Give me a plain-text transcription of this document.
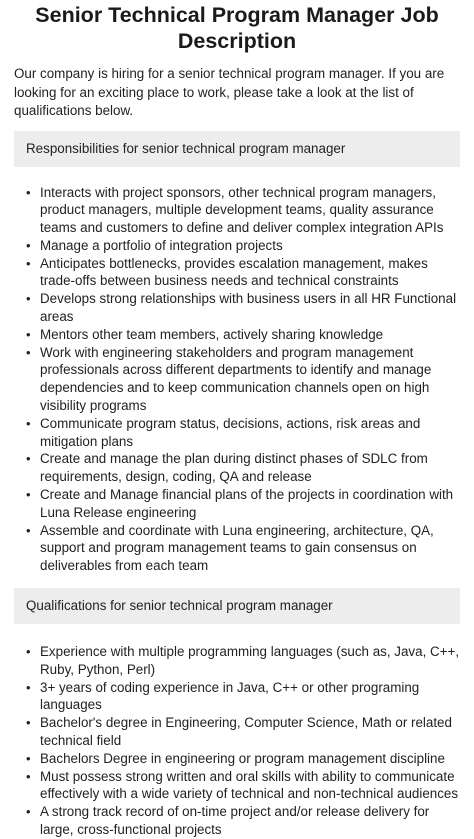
Senior Technical Program Manager Job Description

Our company is hiring for a senior technical program manager. If you are looking for an exciting place to work, please take a look at the list of qualifications below.

Responsibilities for senior technical program manager
• Interacts with project sponsors, other technical program managers, product managers, multiple development teams, quality assurance teams and customers to define and deliver complex integration APIs
• Manage a portfolio of integration projects
• Anticipates bottlenecks, provides escalation management, makes trade-offs between business needs and technical constraints
• Develops strong relationships with business users in all HR Functional areas
• Mentors other team members, actively sharing knowledge
• Work with engineering stakeholders and program management professionals across different departments to identify and manage dependencies and to keep communication channels open on high visibility programs
• Communicate program status, decisions, actions, risk areas and mitigation plans
• Create and manage the plan during distinct phases of SDLC from requirements, design, coding, QA and release
• Create and Manage financial plans of the projects in coordination with Luna Release engineering
• Assemble and coordinate with Luna engineering, architecture, QA, support and program management teams to gain consensus on deliverables from each team
Qualifications for senior technical program manager
• Experience with multiple programming languages (such as, Java, C++, Ruby, Python, Perl)
• 3+ years of coding experience in Java, C++ or other programing languages
• Bachelor's degree in Engineering, Computer Science, Math or related technical field
• Bachelors Degree in engineering or program management discipline
• Must possess strong written and oral skills with ability to communicate effectively with a wide variety of technical and non-technical audiences
• A strong track record of on-time project and/or release delivery for large, cross-functional projects
